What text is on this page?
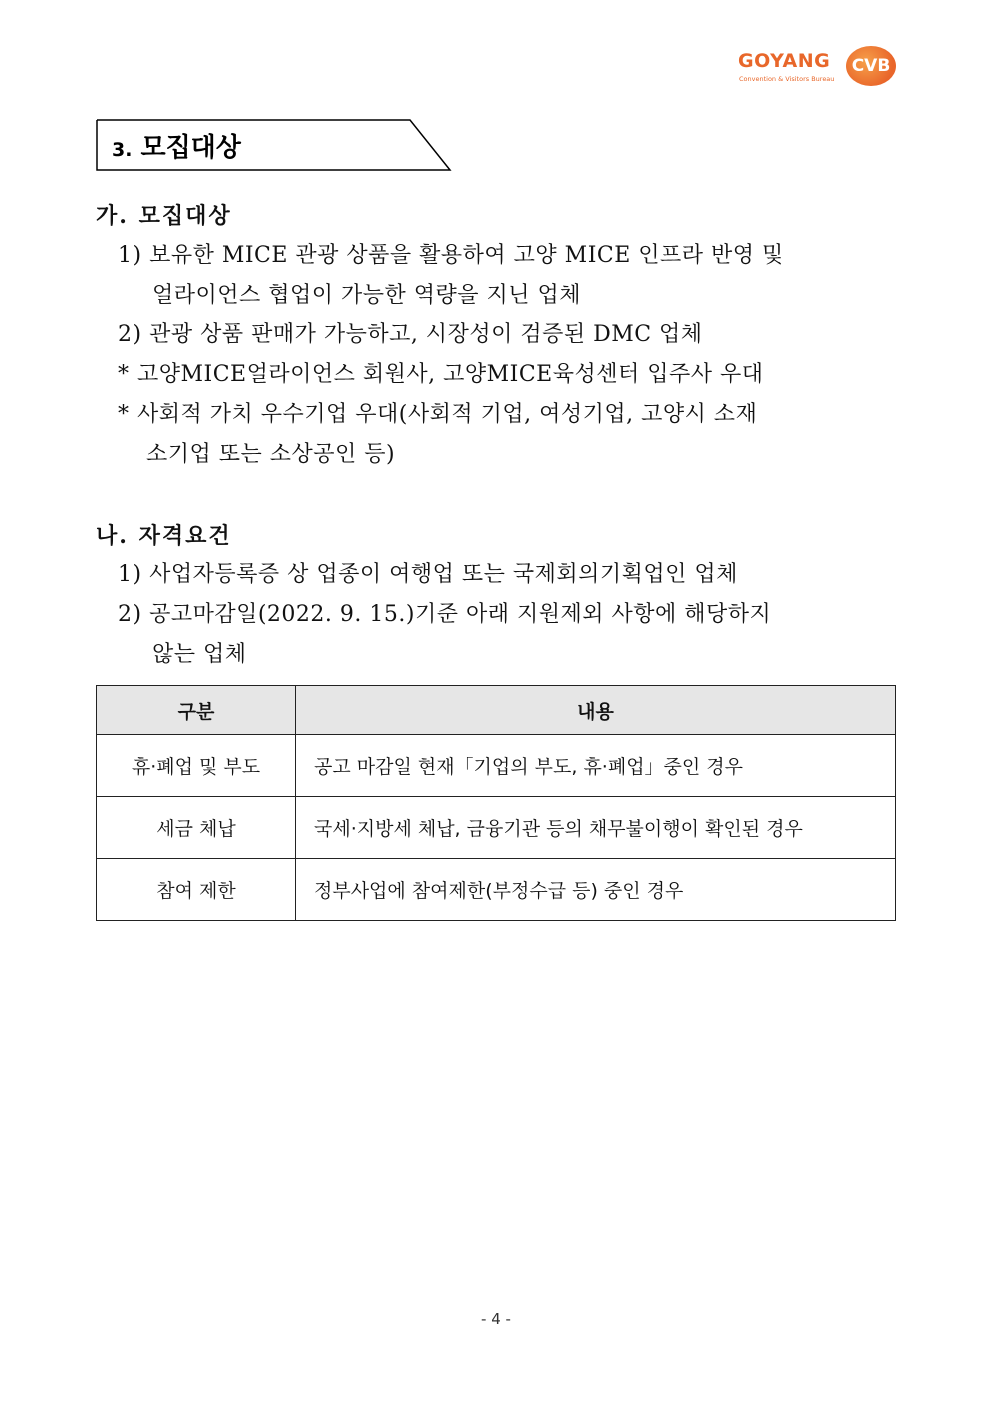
GOYANG
Convention & Visitors Bureau
CVB
3. 모집대상
가. 모집대상
1) 보유한 MICE 관광 상품을 활용하여 고양 MICE 인프라 반영 및
얼라이언스 협업이 가능한 역량을 지닌 업체
2) 관광 상품 판매가 가능하고, 시장성이 검증된 DMC 업체
* 고양MICE얼라이언스 회원사, 고양MICE육성센터 입주사 우대
* 사회적 가치 우수기업 우대(사회적 기업, 여성기업, 고양시 소재
소기업 또는 소상공인 등)
나. 자격요건
1) 사업자등록증 상 업종이 여행업 또는 국제회의기획업인 업체
2) 공고마감일(2022. 9. 15.)기준 아래 지원제외 사항에 해당하지
않는 업체
구분	내용
휴·폐업 및 부도	공고 마감일 현재「기업의 부도, 휴·폐업」중인 경우
세금 체납	국세·지방세 체납, 금융기관 등의 채무불이행이 확인된 경우
참여 제한	정부사업에 참여제한(부정수급 등) 중인 경우
- 4 -
